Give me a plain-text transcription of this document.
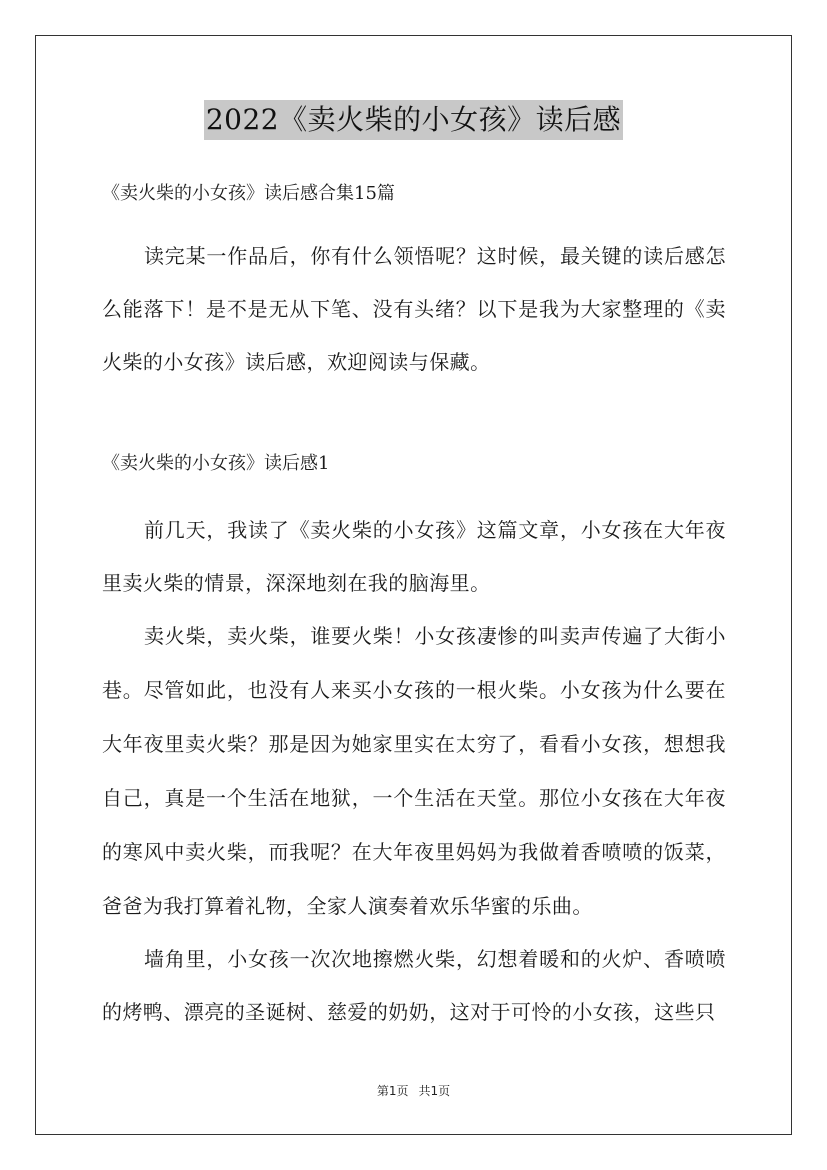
2022《卖火柴的小女孩》读后感
《卖火柴的小女孩》读后感合集15篇

读完某一作品后，你有什么领悟呢？这时候，最关键的读后感怎么能落下！是不是无从下笔、没有头绪？以下是我为大家整理的《卖火柴的小女孩》读后感，欢迎阅读与保藏。

《卖火柴的小女孩》读后感1

前几天，我读了《卖火柴的小女孩》这篇文章，小女孩在大年夜里卖火柴的情景，深深地刻在我的脑海里。

卖火柴，卖火柴，谁要火柴！小女孩凄惨的叫卖声传遍了大街小巷。尽管如此，也没有人来买小女孩的一根火柴。小女孩为什么要在大年夜里卖火柴？那是因为她家里实在太穷了，看看小女孩，想想我自己，真是一个生活在地狱，一个生活在天堂。那位小女孩在大年夜的寒风中卖火柴，而我呢？在大年夜里妈妈为我做着香喷喷的饭菜，爸爸为我打算着礼物，全家人演奏着欢乐华蜜的乐曲。

墙角里，小女孩一次次地擦燃火柴，幻想着暖和的火炉、香喷喷的烤鸭、漂亮的圣诞树、慈爱的奶奶，这对于可怜的小女孩，这些只

第1页 共1页
